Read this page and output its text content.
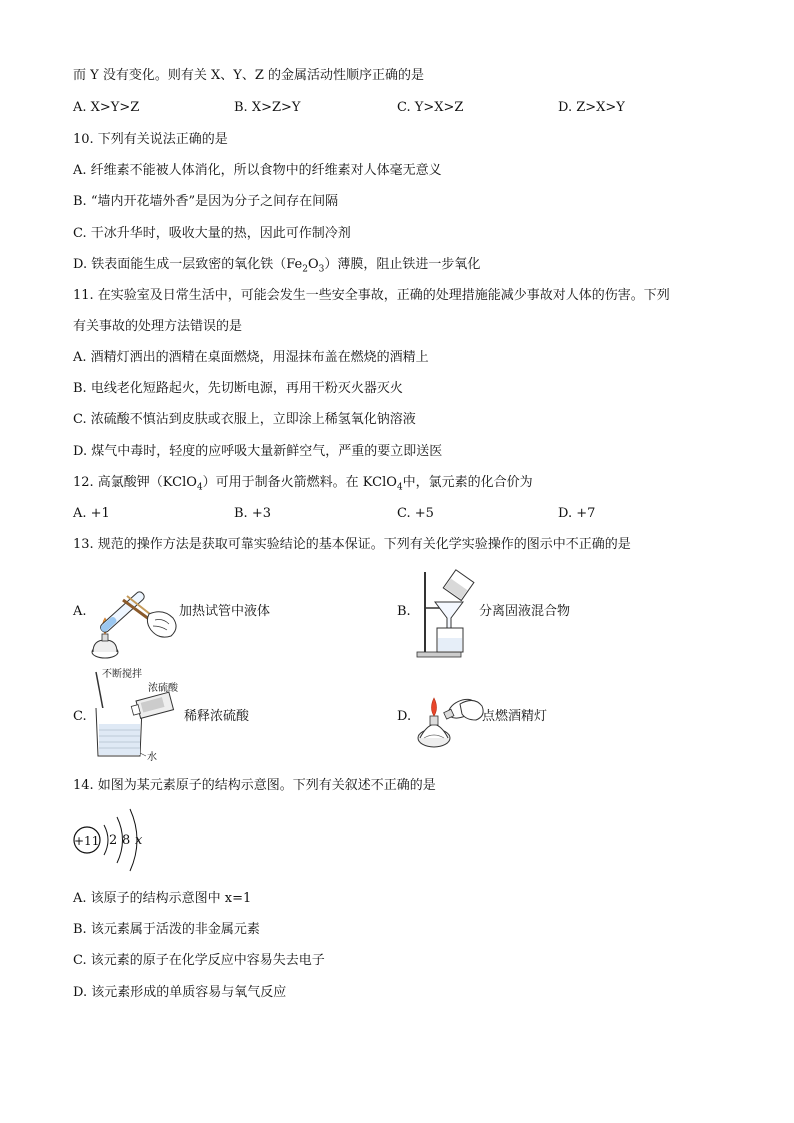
而 Y 没有变化。则有关 X、Y、Z 的金属活动性顺序正确的是
A. X>Y>Z	B. X>Z>Y	C. Y>X>Z	D. Z>X>Y
10. 下列有关说法正确的是
A. 纤维素不能被人体消化，所以食物中的纤维素对人体毫无意义
B. “墙内开花墙外香”是因为分子之间存在间隔
C. 干冰升华时，吸收大量的热，因此可作制冷剂
D. 铁表面能生成一层致密的氧化铁$(Fe_2O_3)$薄膜，阻止铁进一步氧化
11. 在实验室及日常生活中，可能会发生一些安全事故，正确的处理措施能减少事故对人体的伤害。下列
有关事故的处理方法错误的是
A. 酒精灯洒出的酒精在桌面燃烧，用湿抹布盖在燃烧的酒精上
B. 电线老化短路起火，先切断电源，再用干粉灭火器灭火
C. 浓硫酸不慎沾到皮肤或衣服上，立即涂上稀氢氧化钠溶液
D. 煤气中毒时，轻度的应呼吸大量新鲜空气，严重的要立即送医
12. 高氯酸钾（KClO$_4$）可用于制备火箭燃料。在 KClO$_4$中，氯元素的化合价为
A. +1	B. +3	C. +5	D. +7
13. 规范的操作方法是获取可靠实验结论的基本保证。下列有关化学实验操作的图示中不正确的是
A.	加热试管中液体	B.	分离固液混合物
C.
不断搅拌
浓硫酸
水
稀释浓硫酸	D.	点燃酒精灯
14. 如图为某元素原子的结构示意图。下列有关叙述不正确的是
+11 2 8 x
A. 该原子的结构示意图中 x=1
B. 该元素属于活泼的非金属元素
C. 该元素的原子在化学反应中容易失去电子
D. 该元素形成的单质容易与氧气反应
